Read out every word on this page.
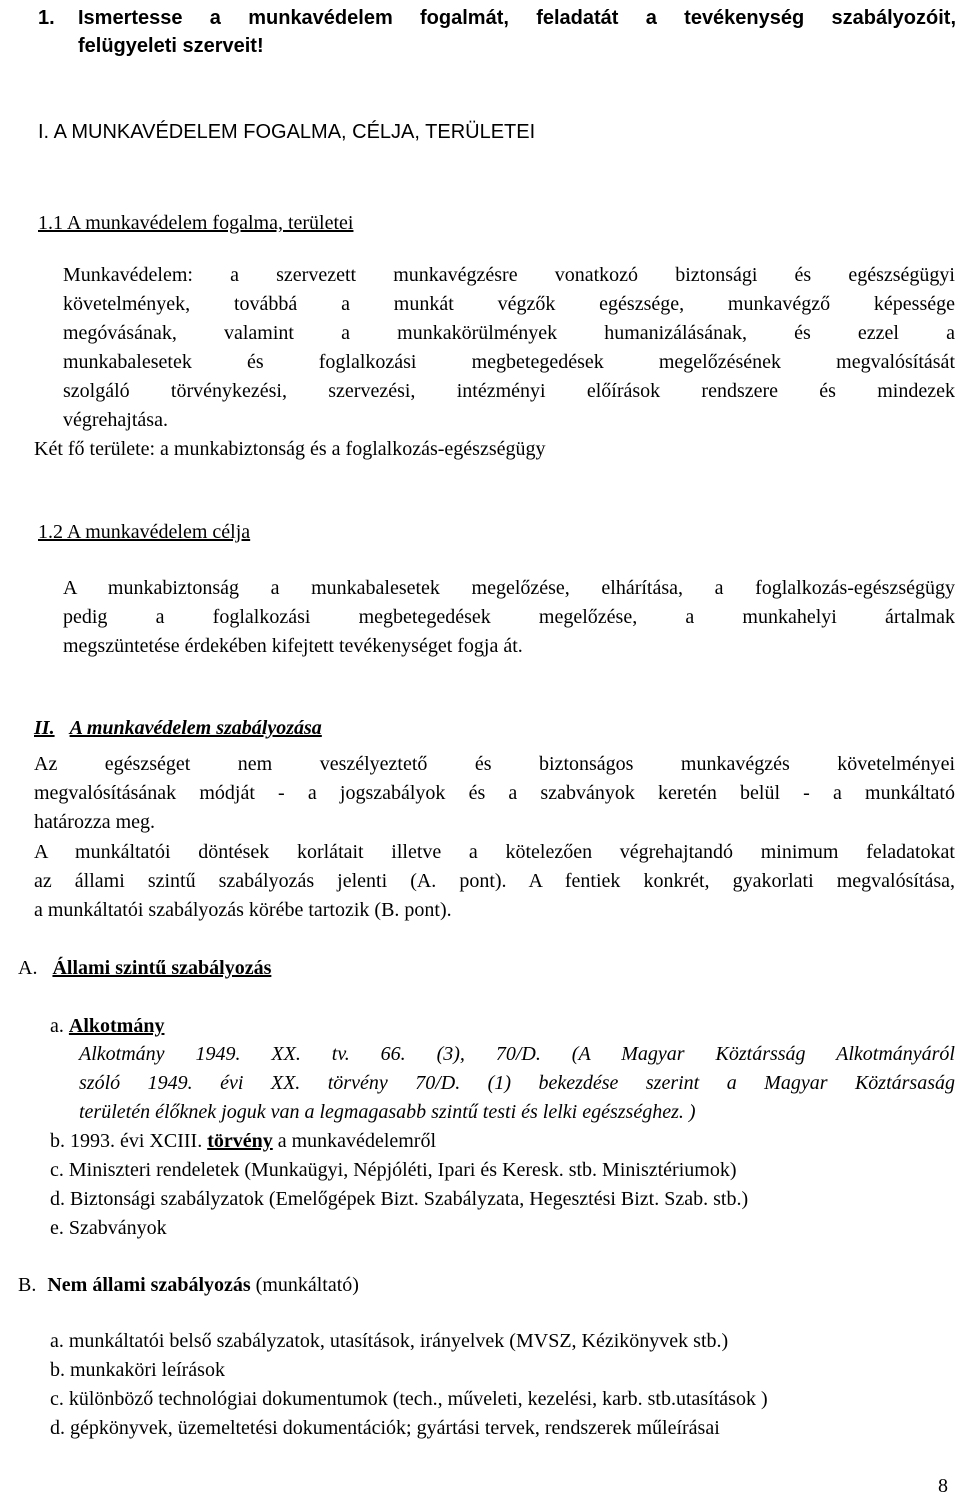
1. Ismertesse a munkavédelem fogalmát, feladatát a tevékenység szabályozóit,
felügyeleti szerveit!
I. A MUNKAVÉDELEM FOGALMA, CÉLJA, TERÜLETEI
1.1 A munkavédelem fogalma, területei
Munkavédelem: a szervezett munkavégzésre vonatkozó biztonsági és egészségügyi
követelmények, továbbá a munkát végzők egészsége, munkavégző képessége
megóvásának, valamint a munkakörülmények humanizálásának, és ezzel a
munkabalesetek és foglalkozási megbetegedések megelőzésének megvalósítását
szolgáló törvénykezési, szervezési, intézményi előírások rendszere és mindezek
végrehajtása.
Két fő területe: a munkabiztonság és a foglalkozás-egészségügy
1.2 A munkavédelem célja
A munkabiztonság a munkabalesetek megelőzése, elhárítása, a foglalkozás-egészségügy
pedig a foglalkozási megbetegedések megelőzése, a munkahelyi ártalmak
megszüntetése érdekében kifejtett tevékenységet fogja át.
II. A munkavédelem szabályozása
Az egészséget nem veszélyeztető és biztonságos munkavégzés követelményei
megvalósításának módját - a jogszabályok és a szabványok keretén belül - a munkáltató
határozza meg.
A munkáltatói döntések korlátait illetve a kötelezően végrehajtandó minimum feladatokat
az állami szintű szabályozás jelenti (A. pont). A fentiek konkrét, gyakorlati megvalósítása,
a munkáltatói szabályozás körébe tartozik (B. pont).
A. Állami szintű szabályozás
a. Alkotmány
Alkotmány 1949. XX. tv. 66. (3), 70/D. (A Magyar Köztársság Alkotmányáról
szóló 1949. évi XX. törvény 70/D. (1) bekezdése szerint a Magyar Köztársaság
területén élőknek joguk van a legmagasabb szintű testi és lelki egészséghez. )
b. 1993. évi XCIII. törvény a munkavédelemről
c. Miniszteri rendeletek (Munkaügyi, Népjóléti, Ipari és Keresk. stb. Minisztériumok)
d. Biztonsági szabályzatok (Emelőgépek Bizt. Szabályzata, Hegesztési Bizt. Szab. stb.)
e. Szabványok
B. Nem állami szabályozás (munkáltató)
a. munkáltatói belső szabályzatok, utasítások, irányelvek (MVSZ, Kézikönyvek stb.)
b. munkaköri leírások
c. különböző technológiai dokumentumok (tech., műveleti, kezelési, karb. stb.utasítások )
d. gépkönyvek, üzemeltetési dokumentációk; gyártási tervek, rendszerek műleírásai
8
